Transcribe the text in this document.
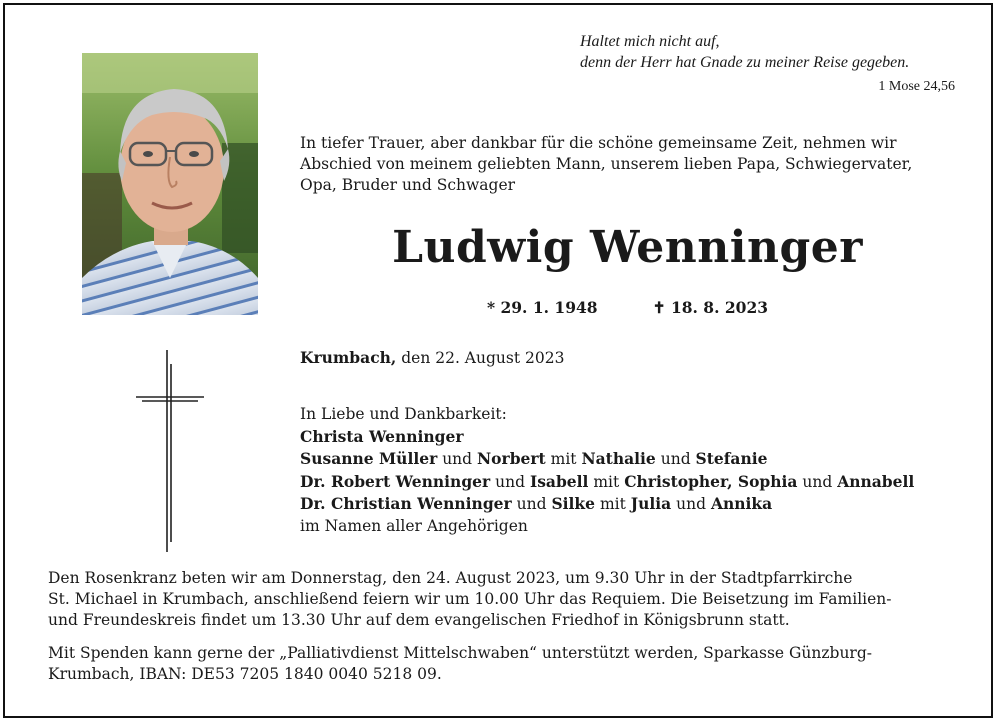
Haltet mich nicht auf,
denn der Herr hat Gnade zu meiner Reise gegeben.
1 Mose 24,56
In tiefer Trauer, aber dankbar für die schöne gemeinsame Zeit, nehmen wir
Abschied von meinem geliebten Mann, unserem lieben Papa, Schwiegervater,
Opa, Bruder und Schwager
Ludwig Wenninger
* 29. 1. 1948	✝ 18. 8. 2023
Krumbach, den 22. August 2023
In Liebe und Dankbarkeit:
Christa Wenninger
Susanne Müller und Norbert mit Nathalie und Stefanie
Dr. Robert Wenninger und Isabell mit Christopher, Sophia und Annabell
Dr. Christian Wenninger und Silke mit Julia und Annika
im Namen aller Angehörigen
Den Rosenkranz beten wir am Donnerstag, den 24. August 2023, um 9.30 Uhr in der Stadtpfarrkirche
St. Michael in Krumbach, anschließend feiern wir um 10.00 Uhr das Requiem. Die Beisetzung im Familien-
und Freundeskreis findet um 13.30 Uhr auf dem evangelischen Friedhof in Königsbrunn statt.
Mit Spenden kann gerne der „Palliativdienst Mittelschwaben“ unterstützt werden, Sparkasse Günzburg-
Krumbach, IBAN: DE53 7205 1840 0040 5218 09.
